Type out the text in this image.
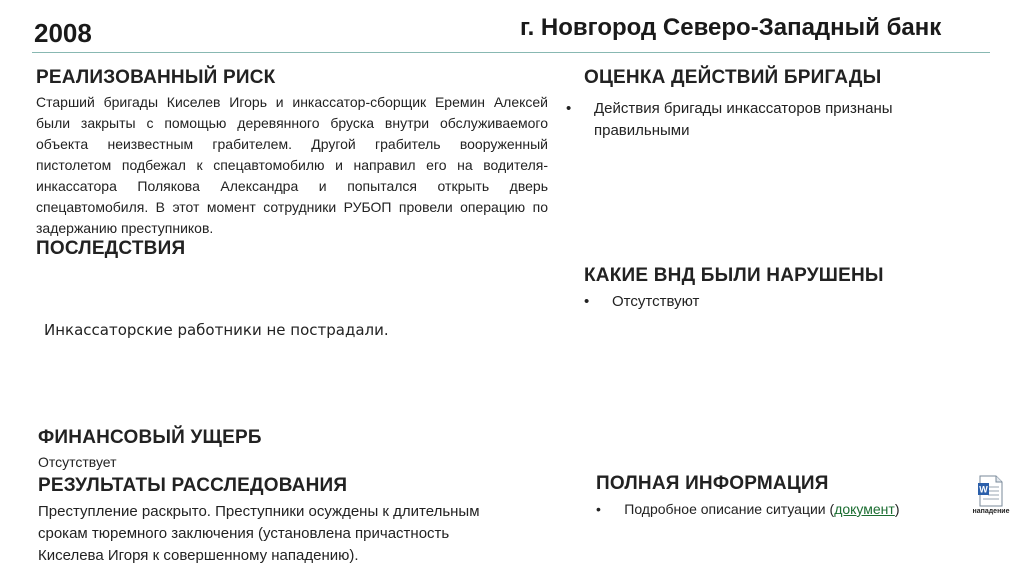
2008	г. Новгород Северо-Западный банк
РЕАЛИЗОВАННЫЙ РИСК
Старший бригады Киселев Игорь и инкассатор-сборщик Еремин Алексей были закрыты с помощью деревянного бруска внутри обслуживаемого объекта неизвестным грабителем. Другой грабитель вооруженный пистолетом подбежал к спецавтомобилю и направил его на водителя-инкассатора Полякова Александра и попытался открыть дверь спецавтомобиля. В этот момент сотрудники РУБОП провели операцию по задержанию преступников.
ПОСЛЕДСТВИЯ
Инкассаторские работники не пострадали.
ФИНАНСОВЫЙ УЩЕРБ
Отсутствует
РЕЗУЛЬТАТЫ РАССЛЕДОВАНИЯ
Преступление раскрыто. Преступники осуждены к длительным срокам тюремного заключения (установлена причастность Киселева Игоря к совершенному нападению).
ОЦЕНКА ДЕЙСТВИЙ БРИГАДЫ
• Действия бригады инкассаторов признаны правильными
КАКИЕ ВНД БЫЛИ НАРУШЕНЫ
• Отсутствуют
ПОЛНАЯ ИНФОРМАЦИЯ
• Подробное описание ситуации (документ)
W
нападение
